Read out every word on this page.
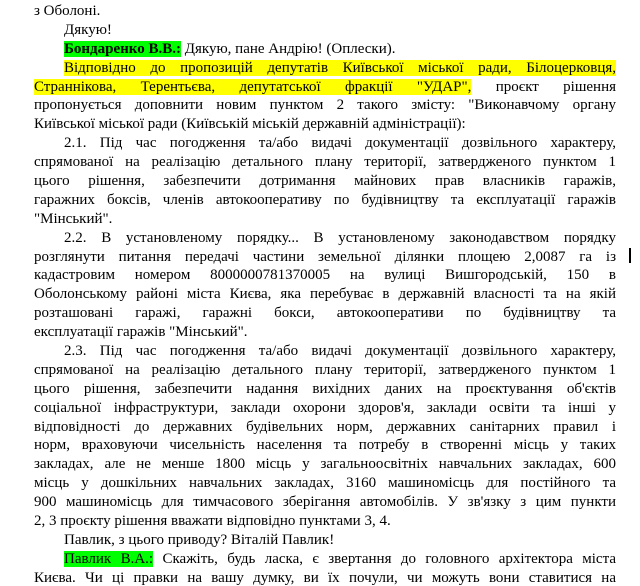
з Оболоні.
Дякую!
Бондаренко В.В.: Дякую, пане Андрію! (Оплески).
Відповідно до пропозицій депутатів Київської міської ради, Білоцерковця,
Страннікова, Терентьєва, депутатської фракції "УДАР", проєкт рішення
пропонується доповнити новим пунктом 2 такого змісту: "Виконавчому органу
Київської міської ради (Київській міській державній адміністрації):
2.1. Під час погодження та/або видачі документації дозвільного характеру,
спрямованої на реалізацію детального плану території, затвердженого пунктом 1
цього рішення, забезпечити дотримання майнових прав власників гаражів,
гаражних боксів, членів автокооперативу по будівництву та експлуатації гаражів
"Мінський".
2.2. В установленому порядку... В установленому законодавством порядку
розглянути питання передачі частини земельної ділянки площею 2,0087 га із
кадастровим номером 8000000781370005 на вулиці Вишгородській, 150 в
Оболонському районі міста Києва, яка перебуває в державній власності та на якій
розташовані гаражі, гаражні бокси, автокооперативи по будівництву та
експлуатації гаражів "Мінський".
2.3. Під час погодження та/або видачі документації дозвільного характеру,
спрямованої на реалізацію детального плану території, затвердженого пунктом 1
цього рішення, забезпечити надання вихідних даних на проєктування об'єктів
соціальної інфраструктури, заклади охорони здоров'я, заклади освіти та інші у
відповідності до державних будівельних норм, державних санітарних правил і
норм, враховуючи чисельність населення та потребу в створенні місць у таких
закладах, але не менше 1800 місць у загальноосвітніх навчальних закладах, 600
місць у дошкільних навчальних закладах, 3160 машиномісць для постійного та
900 машиномісць для тимчасового зберігання автомобілів. У зв'язку з цим пункти
2, 3 проєкту рішення вважати відповідно пунктами 3, 4.
Павлик, з цього приводу? Віталій Павлик!
Павлик В.А.: Скажіть, будь ласка, є звертання до головного архітектора міста
Києва. Чи ці правки на вашу думку, ви їх почули, чи можуть вони ставитися на
